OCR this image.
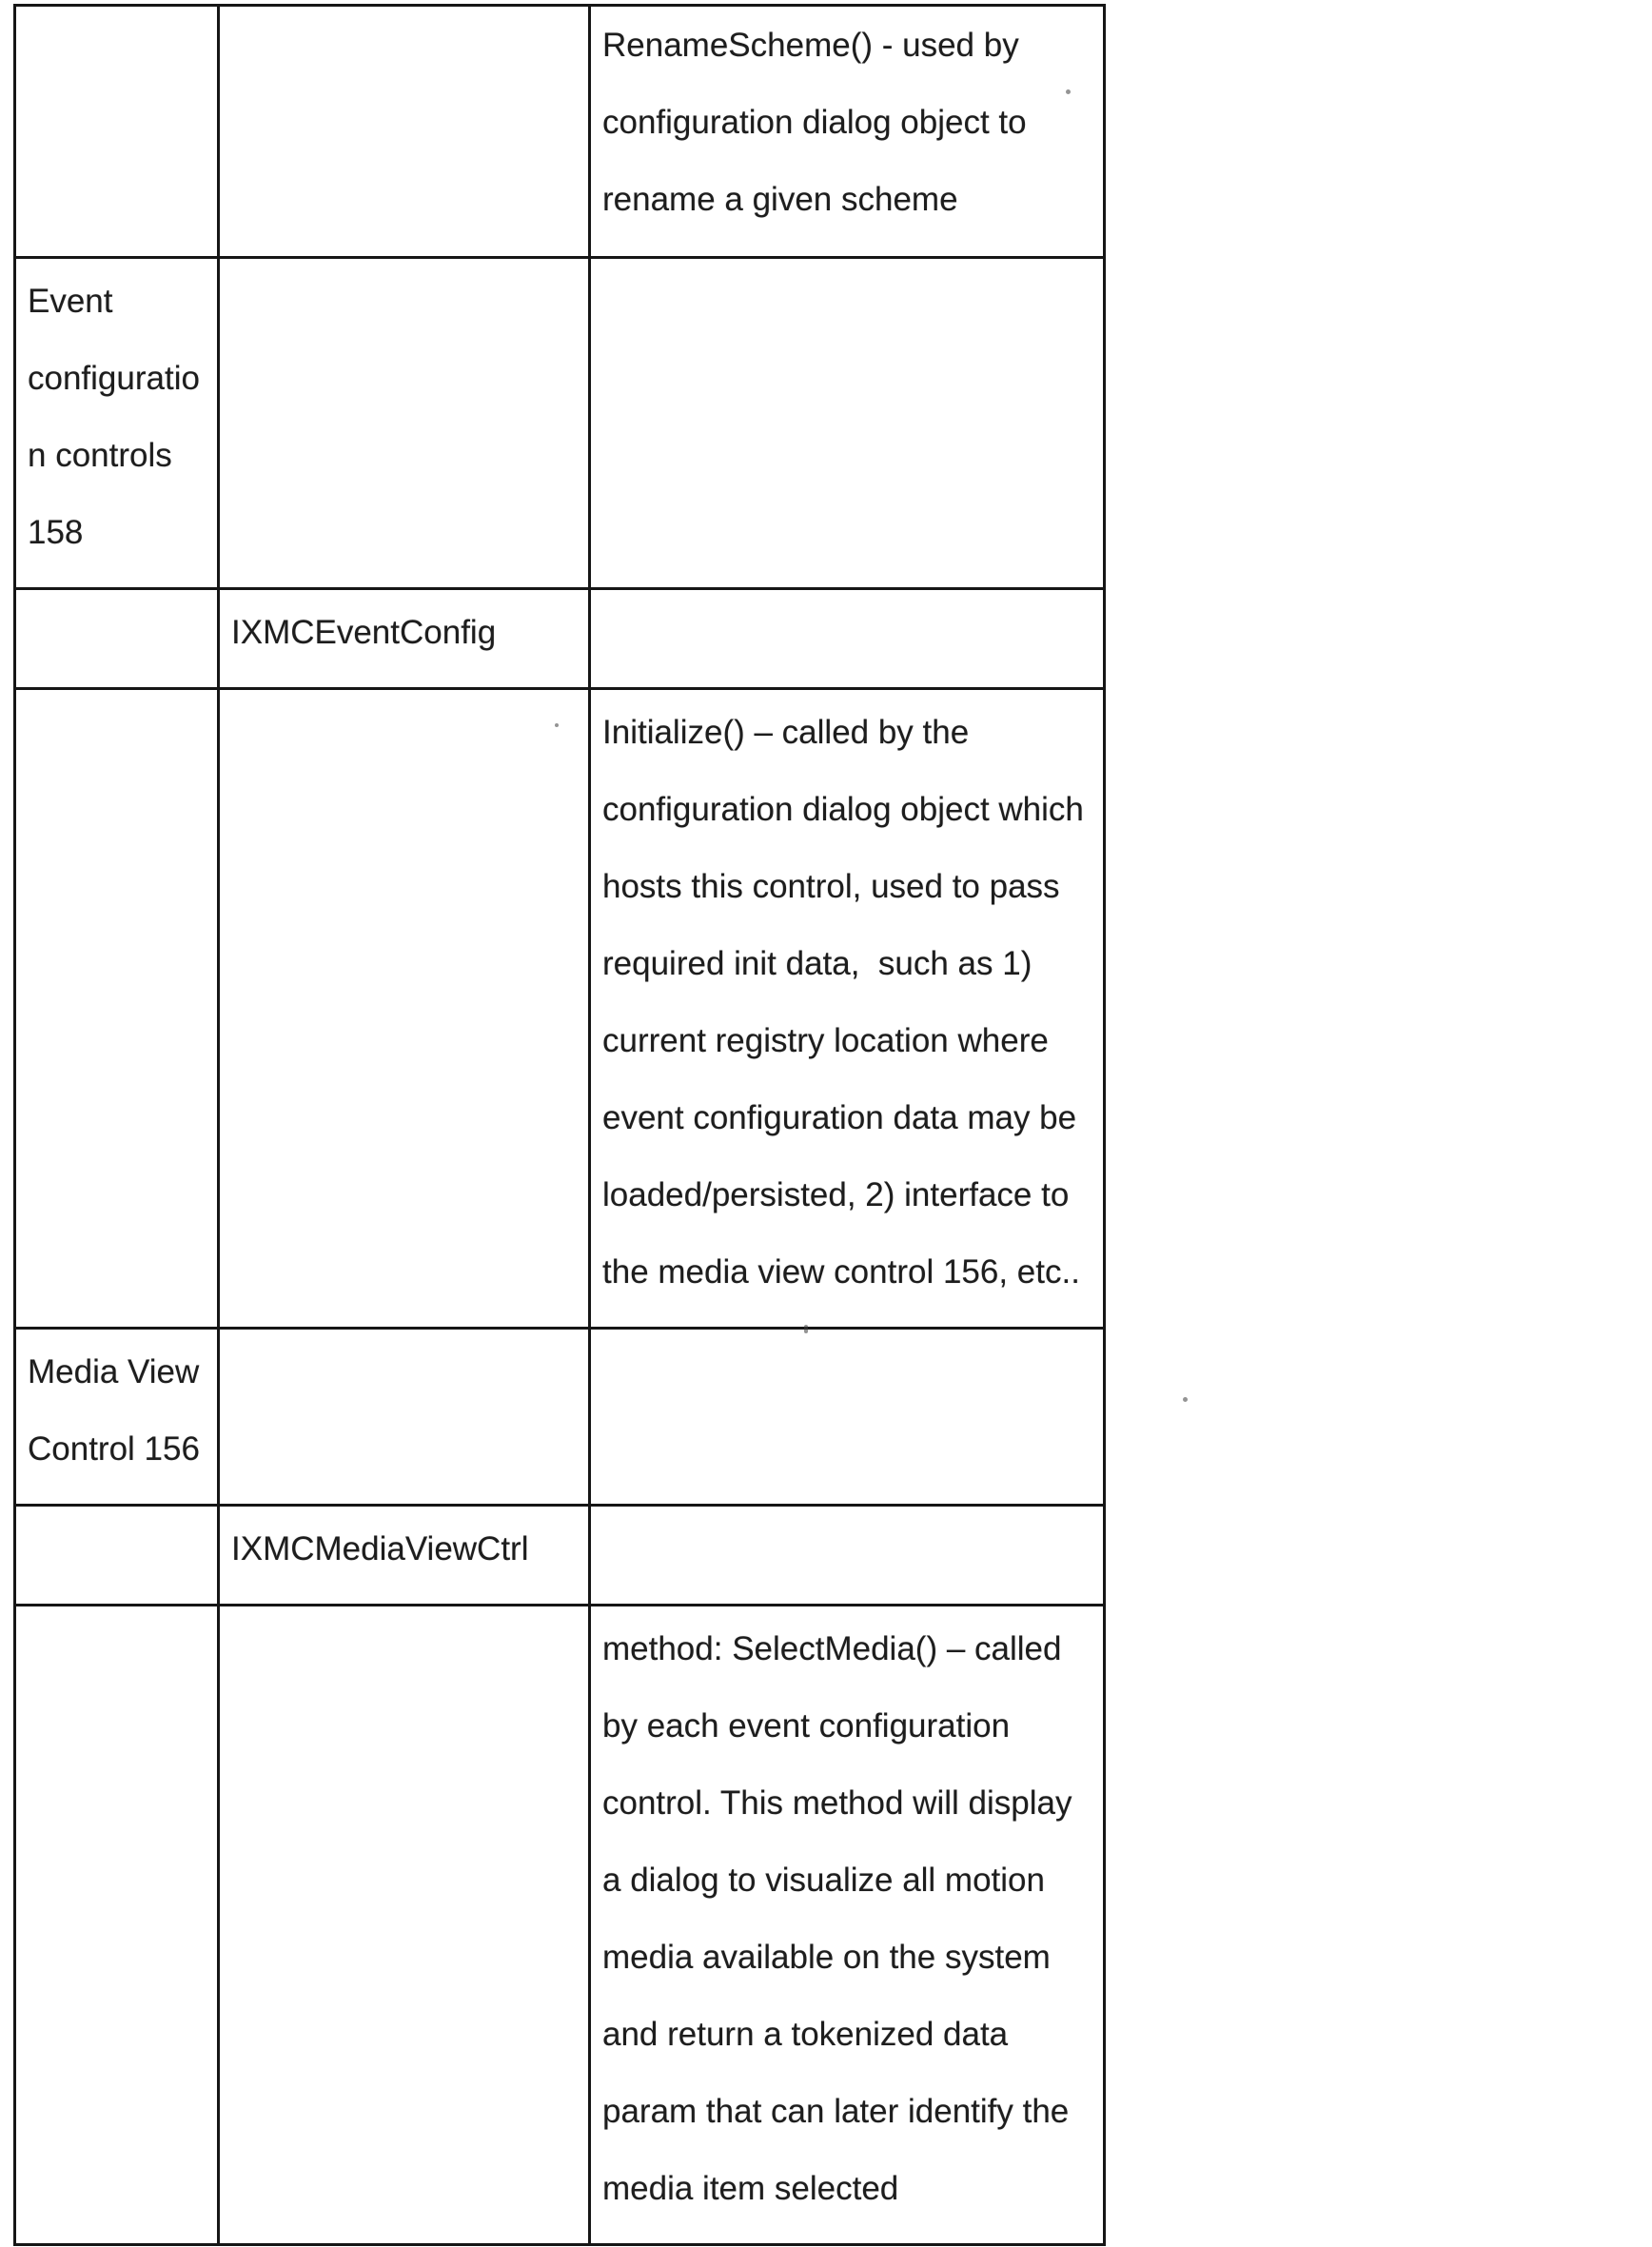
RenameScheme() - used by
configuration dialog object to
rename a given scheme
Event
configuratio
n controls
158
IXMCEventConfig
Initialize() – called by the
configuration dialog object which
hosts this control, used to pass
required init data,  such as 1)
current registry location where
event configuration data may be
loaded/persisted, 2) interface to
the media view control 156, etc..
Media View
Control 156
IXMCMediaViewCtrl
method: SelectMedia() – called
by each event configuration
control. This method will display
a dialog to visualize all motion
media available on the system
and return a tokenized data
param that can later identify the
media item selected
